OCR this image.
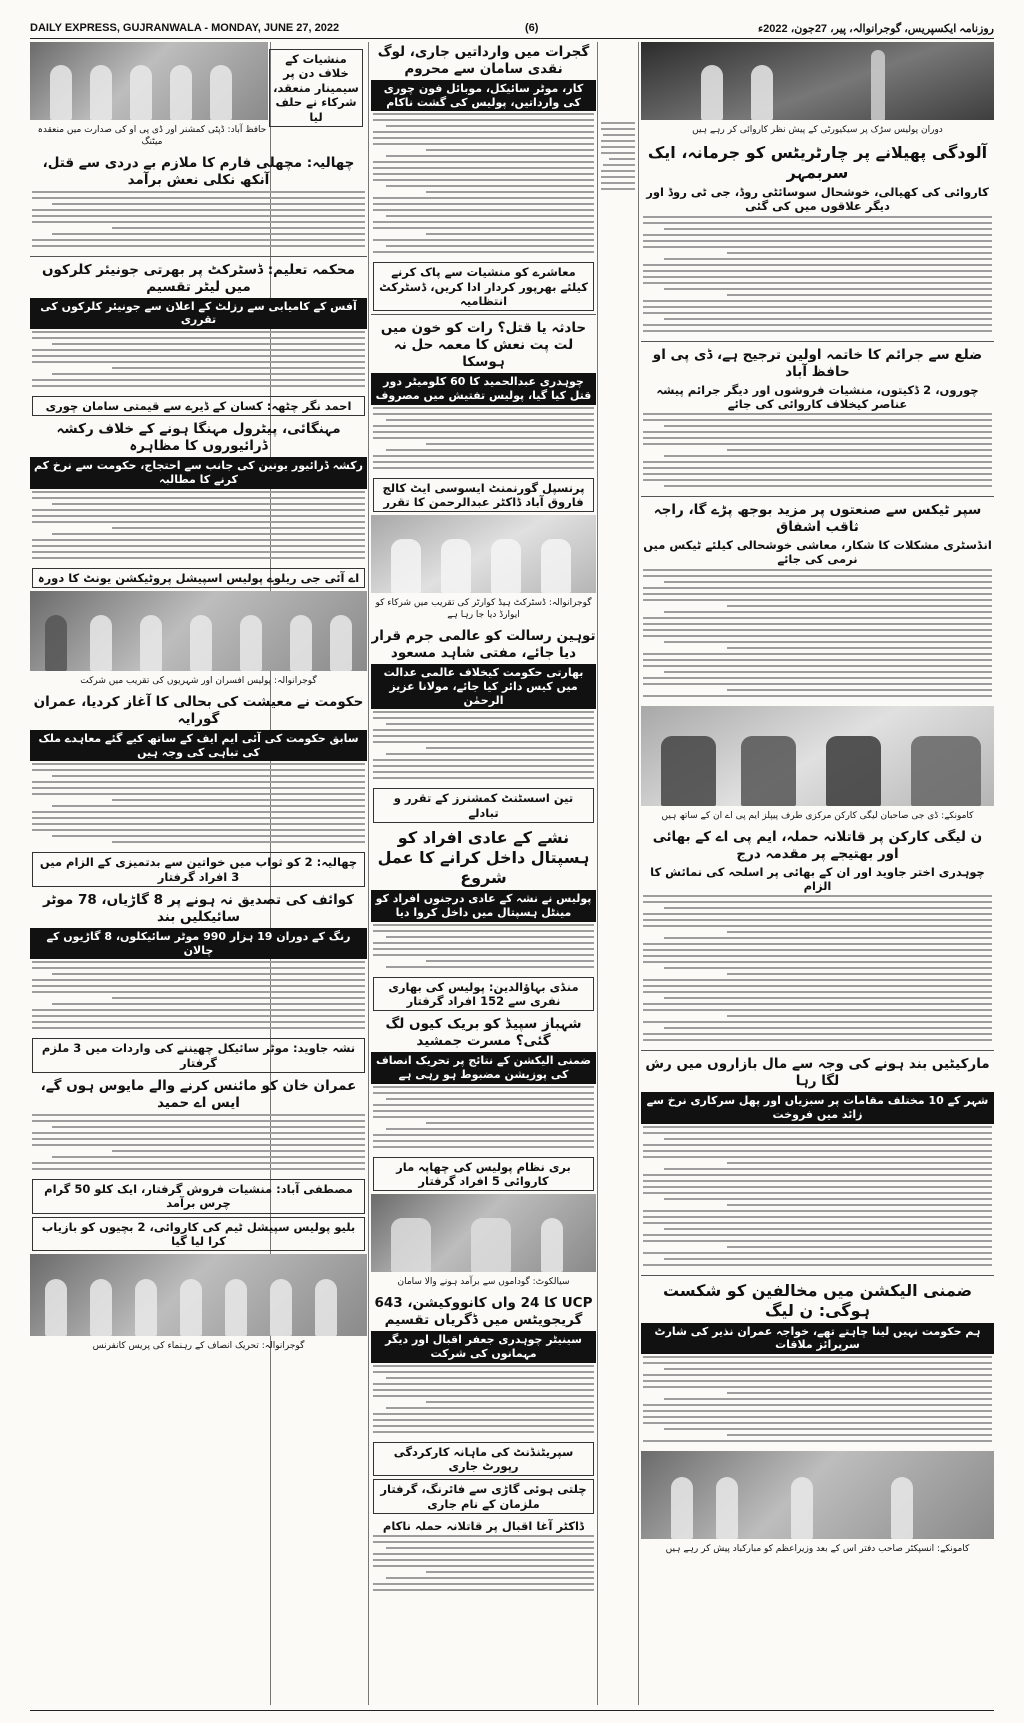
DAILY EXPRESS, GUJRANWALA - MONDAY, JUNE 27, 2022	(6)	روزنامہ ایکسپریس، گوجرانوالہ، پیر، 27جون، 2022ء
دوران پولیس سڑک پر سیکیورٹی کے پیش نظر کاروائی کر رہے ہیں
آلودگی پھیلانے پر چارٹریٹس کو جرمانہ، ایک سربمہر
کاروائی کی کھیالی، خوشحال سوسائٹی روڈ، جی ٹی روڈ اور دیگر علاقوں میں کی گئی
ضلع سے جرائم کا خاتمہ اولین ترجیح ہے، ڈی پی او حافظ آباد
چوروں، 2 ڈکیتوں، منشیات فروشوں اور دیگر جرائم پیشہ عناصر کیخلاف کاروائی کی جائے
سپر ٹیکس سے صنعتوں پر مزید بوجھ پڑے گا، راجہ ثاقب اشفاق
انڈسٹری مشکلات کا شکار، معاشی خوشحالی کیلئے ٹیکس میں نرمی کی جائے
کامونکے: ڈی جی صاحبان لیگی کارکن مرکزی طرف پیپلز ایم پی اے ان کے ساتھ ہیں
ن لیگی کارکن پر قاتلانہ حملہ، ایم پی اے کے بھائی اور بھتیجے پر مقدمہ درج
چوہدری اختر جاوید اور ان کے بھائی پر اسلحہ کی نمائش کا الزام
مارکیٹیں بند ہونے کی وجہ سے مال بازاروں میں رش لگا رہا
شہر کے 10 مختلف مقامات پر سبزیاں اور پھل سرکاری نرخ سے زائد میں فروخت
ضمنی الیکشن میں مخالفین کو شکست ہوگی: ن لیگ
ہم حکومت نہیں لینا چاہتے تھے، خواجہ عمران نذیر کی شارٹ سرپرائز ملاقات
کامونکے: انسپکٹر صاحب دفتر اس کے بعد وزیراعظم کو مبارکباد پیش کر رہے ہیں
گجرات میں وارداتیں جاری، لوگ نقدی سامان سے محروم
کار، موٹر سائیکل، موبائل فون چوری کی وارداتیں، پولیس کی گشت ناکام
معاشرے کو منشیات سے پاک کرنے کیلئے بھرپور کردار ادا کریں، ڈسٹرکٹ انتظامیہ
حادثہ یا قتل؟ رات کو خون میں لت پت نعش کا معمہ حل نہ ہوسکا
چوہدری عبدالحمید کا 60 کلومیٹر دور قتل کیا گیا، پولیس تفتیش میں مصروف
پرنسپل گورنمنٹ ایسوسی ایٹ کالج فاروق آباد ڈاکٹر عبدالرحمن کا تقرر
گوجرانوالہ: ڈسٹرکٹ ہیڈ کوارٹر کی تقریب میں شرکاء کو ایوارڈ دیا جا رہا ہے
توہین رسالت کو عالمی جرم قرار دیا جائے، مفتی شاہد مسعود
بھارتی حکومت کیخلاف عالمی عدالت میں کیس دائر کیا جائے، مولانا عزیز الرحمٰن
تین اسسٹنٹ کمشنرز کے تقرر و تبادلے
نشے کے عادی افراد کو ہسپتال داخل کرانے کا عمل شروع
پولیس نے نشہ کے عادی درجنوں افراد کو مینٹل ہسپتال میں داخل کروا دیا
منڈی بہاؤالدین: پولیس کی بھاری نفری سے 152 افراد گرفتار
شہباز سپیڈ کو بریک کیوں لگ گئی؟ مسرت جمشید
ضمنی الیکشن کے نتائج پر تحریک انصاف کی پوزیشن مضبوط ہو رہی ہے
بری نظام پولیس کی چھاپہ مار کاروائی 5 افراد گرفتار
سیالکوٹ: گوداموں سے برآمد ہونے والا سامان
UCP کا 24 واں کانووکیشن، 643 گریجویٹس میں ڈگریاں تقسیم
سینیٹر چوہدری جعفر اقبال اور دیگر مہمانوں کی شرکت
سپریٹنڈنٹ کی ماہانہ کارکردگی رپورٹ جاری
چلتی ہوئی گاڑی سے فائرنگ، گرفتار ملزمان کے نام جاری
ڈاکٹر آغا اقبال پر قاتلانہ حملہ ناکام
حافظ آباد: ڈپٹی کمشنر اور ڈی پی او کی صدارت میں منعقدہ میٹنگ
منشیات کے خلاف دن پر سیمینار منعقد، شرکاء نے حلف لیا
چھالیہ: مچھلی فارم کا ملازم بے دردی سے قتل، آنکھ نکلی نعش برآمد
محکمہ تعلیم: ڈسٹرکٹ پر بھرتی جونیئر کلرکوں میں لیٹر تقسیم
آفس کے کامیابی سے رزلٹ کے اعلان سے جونیئر کلرکوں کی تقرری
احمد نگر چٹھہ: کسان کے ڈیرے سے قیمتی سامان چوری
مہنگائی، پیٹرول مہنگا ہونے کے خلاف رکشہ ڈرائیوروں کا مظاہرہ
رکشہ ڈرائیور یونین کی جانب سے احتجاج، حکومت سے نرخ کم کرنے کا مطالبہ
اے آئی جی ریلوے پولیس اسپیشل پروٹیکشن یونٹ کا دورہ
گوجرانوالہ: پولیس افسران اور شہریوں کی تقریب میں شرکت
حکومت نے معیشت کی بحالی کا آغاز کردیا، عمران گورایہ
سابق حکومت کی آئی ایم ایف کے ساتھ کیے گئے معاہدے ملک کی تباہی کی وجہ ہیں
چھالیہ: 2 کو ثواب میں خواتین سے بدتمیزی کے الزام میں 3 افراد گرفتار
کوائف کی تصدیق نہ ہونے پر 8 گاڑیاں، 78 موٹر سائیکلیں بند
رنگ کے دوران 19 ہزار 990 موٹر سائیکلوں، 8 گاڑیوں کے چالان
نشہ جاوید: موٹر سائیکل چھیننے کی واردات میں 3 ملزم گرفتار
عمران خان کو مائنس کرنے والے مایوس ہوں گے، ایس اے حمید
مصطفی آباد: منشیات فروش گرفتار، ایک کلو 50 گرام چرس برآمد
بلیو پولیس سپیشل ٹیم کی کاروائی، 2 بچیوں کو بازیاب کرا لیا گیا
گوجرانوالہ: تحریک انصاف کے رہنماء کی پریس کانفرنس
